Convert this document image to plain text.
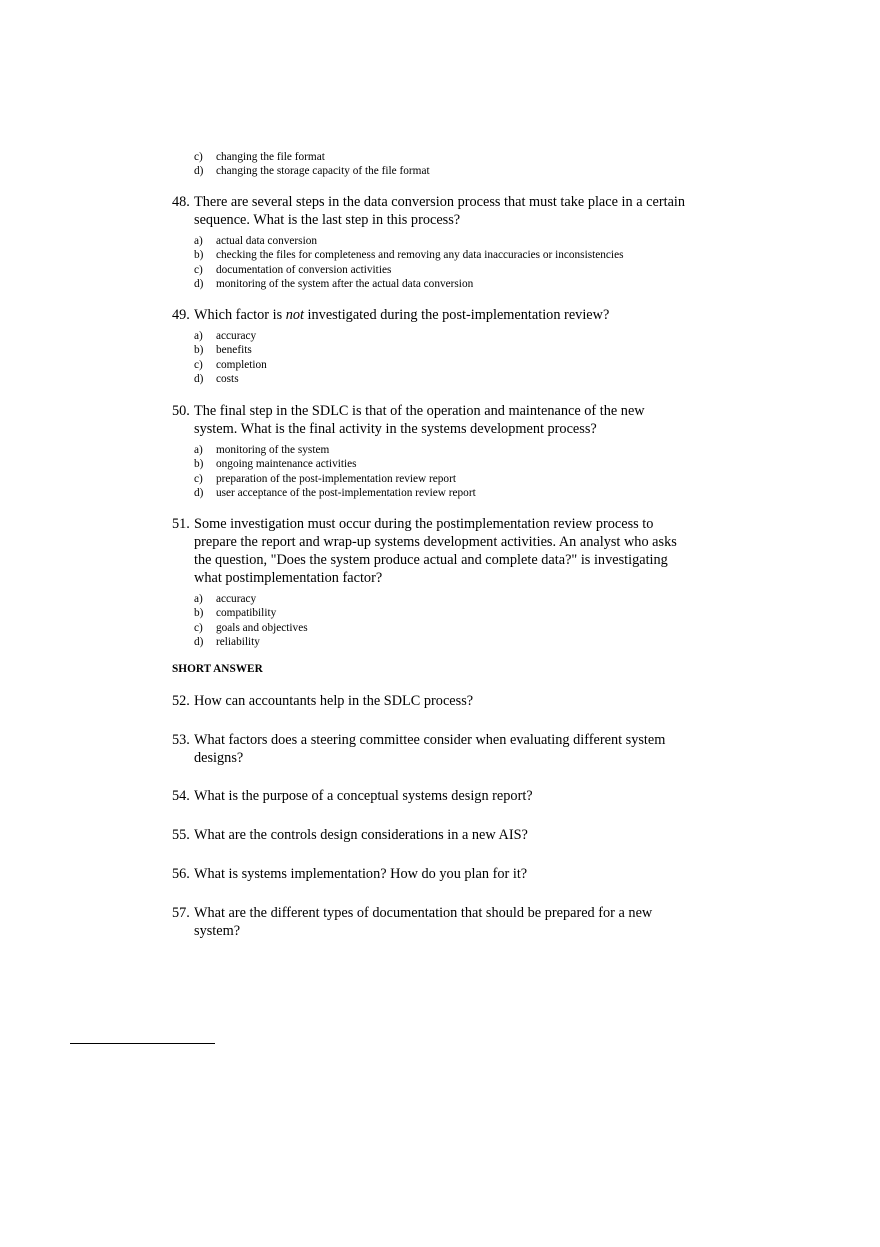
c) changing the file format

d) changing the storage capacity of the file format

48. There are several steps in the data conversion process that must take place in a certain

sequence. What is the last step in this process?

a) actual data conversion

b) checking the files for completeness and removing any data inaccuracies or inconsistencies

c) documentation of conversion activities

d) monitoring of the system after the actual data conversion

49. Which factor is not investigated during the post-implementation review?

a) accuracy

b) benefits

c) completion

d) costs

50. The final step in the SDLC is that of the operation and maintenance of the new

system. What is the final activity in the systems development process?

a) monitoring of the system

b) ongoing maintenance activities

c) preparation of the post-implementation review report

d) user acceptance of the post-implementation review report

51. Some investigation must occur during the postimplementation review process to

prepare the report and wrap-up systems development activities. An analyst who asks

the question, "Does the system produce actual and complete data?" is investigating

what postimplementation factor?

a) accuracy

b) compatibility

c) goals and objectives

d) reliability

SHORT ANSWER

52. How can accountants help in the SDLC process?

53. What factors does a steering committee consider when evaluating different system

designs?

54. What is the purpose of a conceptual systems design report?

55. What are the controls design considerations in a new AIS?

56. What is systems implementation? How do you plan for it?

57. What are the different types of documentation that should be prepared for a new

system?
